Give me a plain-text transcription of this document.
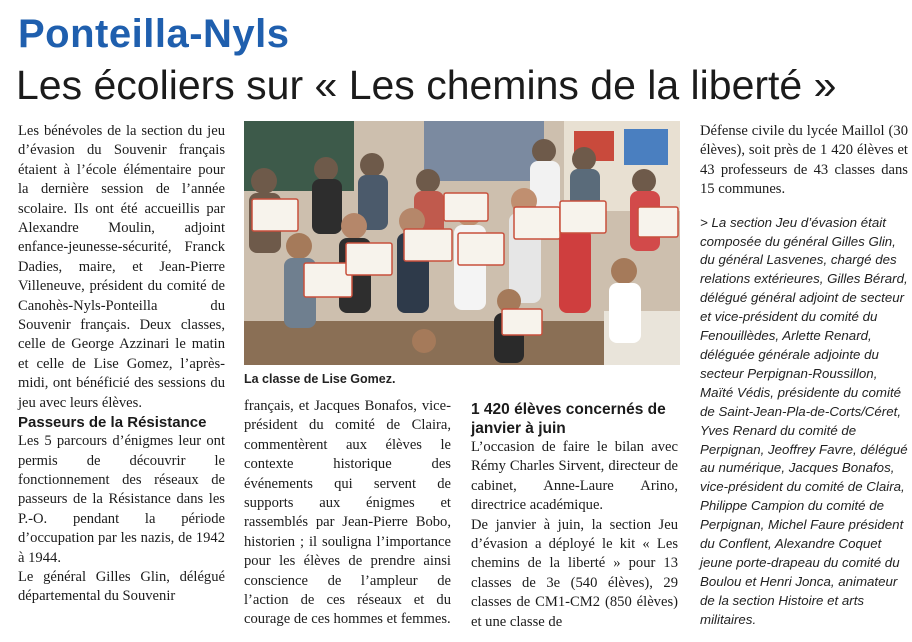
Ponteilla-Nyls
Les écoliers sur « Les chemins de la liberté »

Les bénévoles de la section du jeu d’évasion du Souvenir français étaient à l’école élémentaire pour la dernière session de l’année scolaire. Ils ont été accueillis par Alexandre Moulin, adjoint enfance-jeunesse-sécurité, Franck Dadies, maire, et Jean-Pierre Villeneuve, président du comité de Canohès-Nyls-Ponteilla du Souvenir français. Deux classes, celle de George Azzinari le matin et celle de Lise Gomez, l’après-midi, ont bénéficié des sessions du jeu avec leurs élèves.

Passeurs de la Résistance

Les 5 parcours d’énigmes leur ont permis de découvrir le fonctionnement des réseaux de passeurs de la Résistance dans les P.-O. pendant la période d’occupation par les nazis, de 1942 à 1944.

Le général Gilles Glin, délégué départemental du Souvenir

La classe de Lise Gomez.

français, et Jacques Bonafos, vice-président du comité de Claira, commentèrent aux élèves le contexte historique des événements qui servent de supports aux énigmes et rassemblés par Jean-Pierre Bobo, historien ; il souligna l’importance pour les élèves de prendre ainsi conscience de l’ampleur de l’action de ces réseaux et du courage de ces hommes et femmes.

1 420 élèves concernés de janvier à juin

L’occasion de faire le bilan avec Rémy Charles Sirvent, directeur de cabinet, Anne-Laure Arino, directrice académique.

De janvier à juin, la section Jeu d’évasion a déployé le kit « Les chemins de la liberté » pour 13 classes de 3e (540 élèves), 29 classes de CM1-CM2 (850 élèves) et une classe de

Défense civile du lycée Maillol (30 élèves), soit près de 1 420 élèves et 43 professeurs de 43 classes dans 15 communes.

> La section Jeu d’évasion était composée du général Gilles Glin, du général Lasvenes, chargé des relations extérieures, Gilles Bérard, délégué général adjoint de secteur et vice-président du comité du Fenouillèdes, Arlette Renard, déléguée générale adjointe du secteur Perpignan-Roussillon, Maïté Védis, présidente du comité de Saint-Jean-Pla-de-Corts/Céret, Yves Renard du comité de Perpignan, Jeoffrey Favre, délégué au numérique, Jacques Bonafos, vice-président du comité de Claira, Philippe Campion du comité de Perpignan, Michel Faure président du Conflent, Alexandre Coquet jeune porte-drapeau du comité du Boulou et Henri Jonca, animateur de la section Histoire et arts militaires.
